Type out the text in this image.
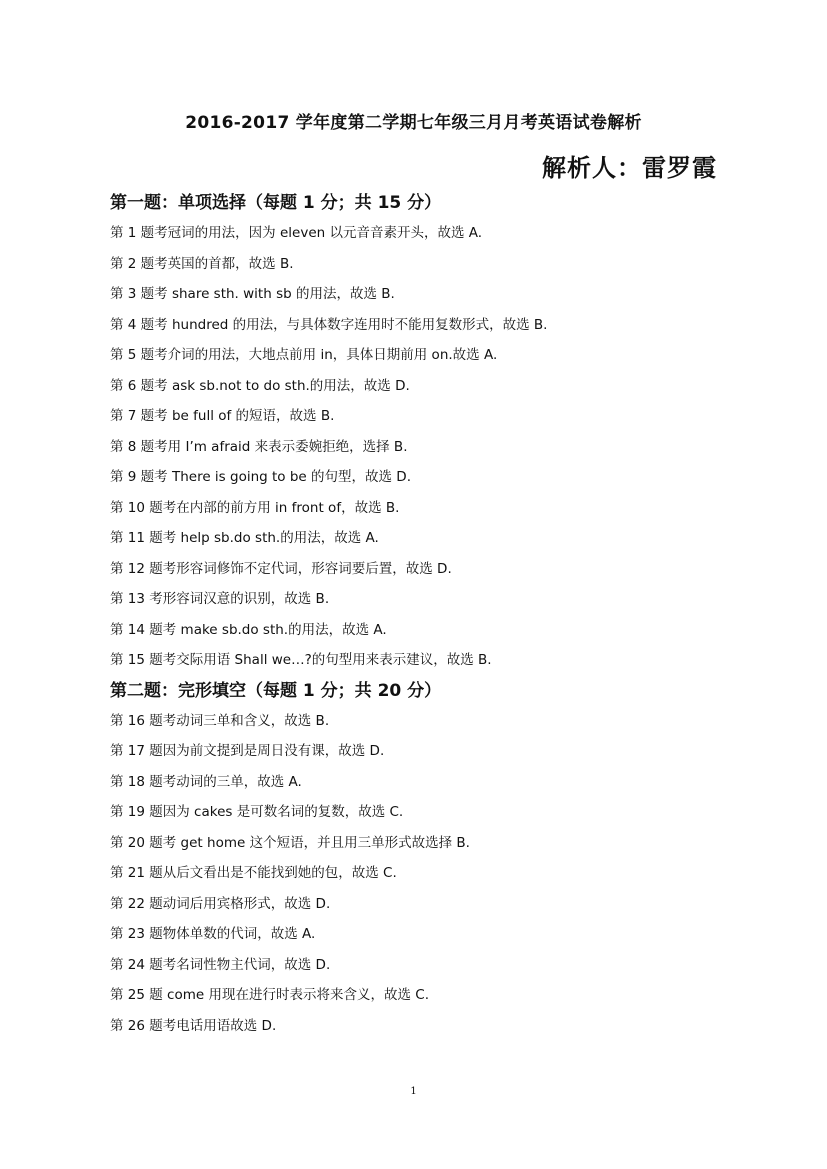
2016-2017 学年度第二学期七年级三月月考英语试卷解析
解析人：雷罗霞
第一题：单项选择（每题 1 分；共 15 分）
第 1 题考冠词的用法，因为 eleven 以元音音素开头，故选 A.
第 2 题考英国的首都，故选 B.
第 3 题考 share sth. with sb 的用法，故选 B.
第 4 题考 hundred 的用法，与具体数字连用时不能用复数形式，故选 B.
第 5 题考介词的用法，大地点前用 in，具体日期前用 on.故选 A.
第 6 题考 ask sb.not to do sth.的用法，故选 D.
第 7 题考 be full of 的短语，故选 B.
第 8 题考用 I’m afraid 来表示委婉拒绝，选择 B.
第 9 题考 There is going to be 的句型，故选 D.
第 10 题考在内部的前方用 in front of，故选 B.
第 11 题考 help sb.do sth.的用法，故选 A.
第 12 题考形容词修饰不定代词，形容词要后置，故选 D.
第 13 考形容词汉意的识别，故选 B.
第 14 题考 make sb.do sth.的用法，故选 A.
第 15 题考交际用语 Shall we…?的句型用来表示建议，故选 B.
第二题：完形填空（每题 1 分；共 20 分）
第 16 题考动词三单和含义，故选 B.
第 17 题因为前文提到是周日没有课，故选 D.
第 18 题考动词的三单，故选 A.
第 19 题因为 cakes 是可数名词的复数，故选 C.
第 20 题考 get home 这个短语，并且用三单形式故选择 B.
第 21 题从后文看出是不能找到她的包，故选 C.
第 22 题动词后用宾格形式，故选 D.
第 23 题物体单数的代词，故选 A.
第 24 题考名词性物主代词，故选 D.
第 25 题 come 用现在进行时表示将来含义，故选 C.
第 26 题考电话用语故选 D.
1
